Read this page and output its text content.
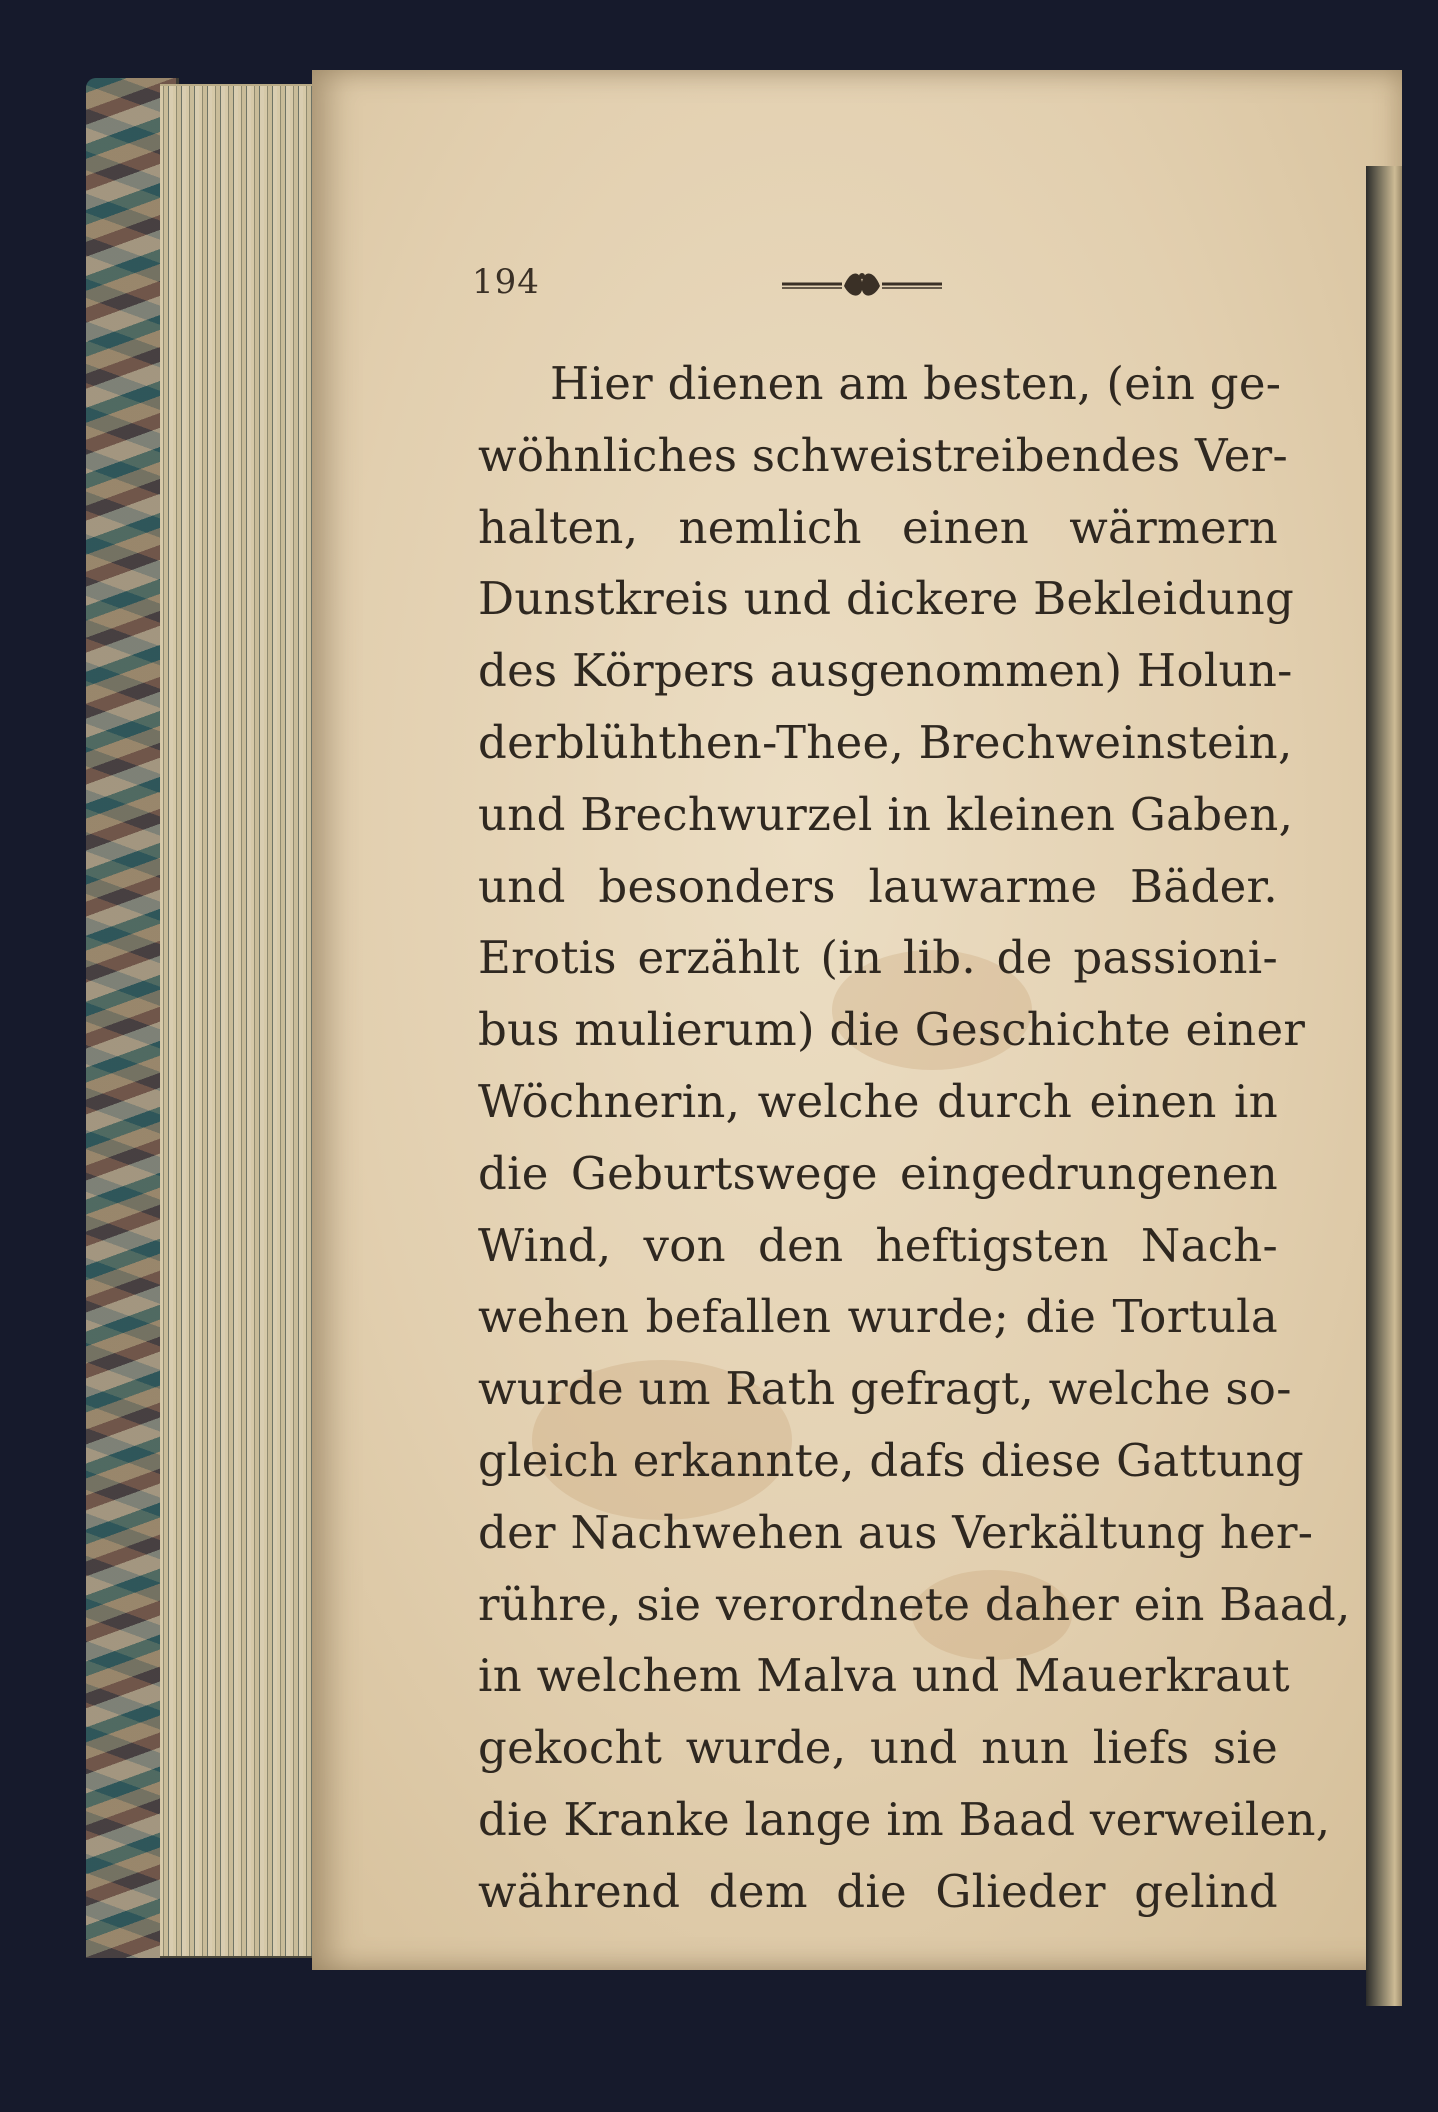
194
Hier dienen am besten, (ein ge-
wöhnliches schweistreibendes Ver-
halten, nemlich einen wärmern
Dunstkreis und dickere Bekleidung
des Körpers ausgenommen) Holun-
derblühthen-Thee, Brechweinstein,
und Brechwurzel in kleinen Gaben,
und besonders lauwarme Bäder.
Erotis erzählt (in lib. de passioni-
bus mulierum) die Geschichte einer
Wöchnerin, welche durch einen in
die Geburtswege eingedrungenen
Wind, von den heftigsten Nach-
wehen befallen wurde; die Tortula
wurde um Rath gefragt, welche so-
gleich erkannte, dafs diese Gattung
der Nachwehen aus Verkältung her-
rühre, sie verordnete daher ein Baad,
in welchem Malva und Mauerkraut
gekocht wurde, und nun liefs sie
die Kranke lange im Baad verweilen,
während dem die Glieder gelind
